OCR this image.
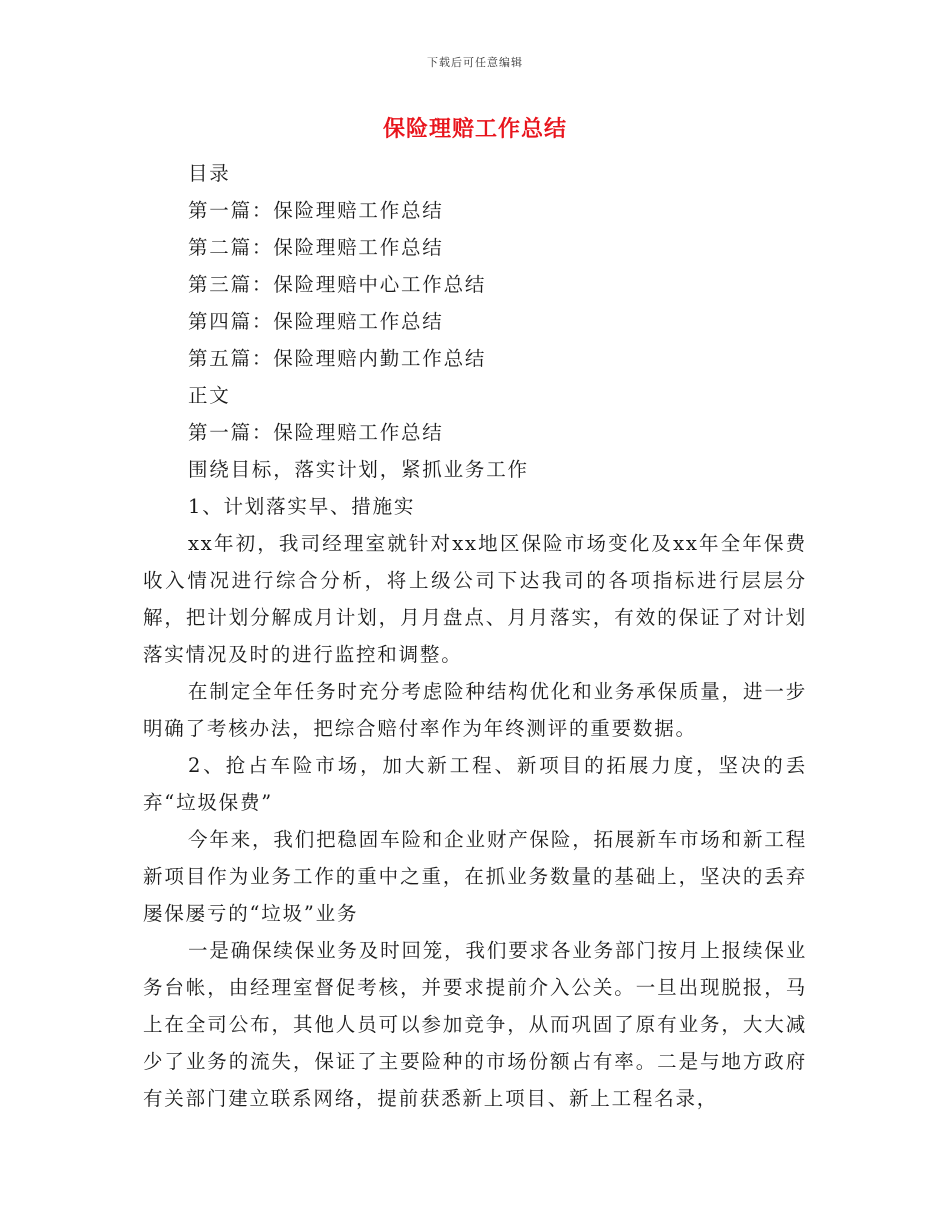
下载后可任意编辑
保险理赔工作总结

目录

第一篇：保险理赔工作总结

第二篇：保险理赔工作总结

第三篇：保险理赔中心工作总结

第四篇：保险理赔工作总结

第五篇：保险理赔内勤工作总结

正文

第一篇：保险理赔工作总结

围绕目标，落实计划，紧抓业务工作

1、计划落实早、措施实

xx年初，我司经理室就针对xx地区保险市场变化及xx年全年保费收入情况进行综合分析，将上级公司下达我司的各项指标进行层层分解，把计划分解成月计划，月月盘点、月月落实，有效的保证了对计划落实情况及时的进行监控和调整。

在制定全年任务时充分考虑险种结构优化和业务承保质量，进一步明确了考核办法，把综合赔付率作为年终测评的重要数据。

2、抢占车险市场，加大新工程、新项目的拓展力度，坚决的丢弃“垃圾保费”

今年来，我们把稳固车险和企业财产保险，拓展新车市场和新工程新项目作为业务工作的重中之重，在抓业务数量的基础上，坚决的丢弃屡保屡亏的“垃圾”业务

一是确保续保业务及时回笼，我们要求各业务部门按月上报续保业务台帐，由经理室督促考核，并要求提前介入公关。一旦出现脱报，马上在全司公布，其他人员可以参加竞争，从而巩固了原有业务，大大减少了业务的流失，保证了主要险种的市场份额占有率。二是与地方政府有关部门建立联系网络，提前获悉新上项目、新上工程名录，
